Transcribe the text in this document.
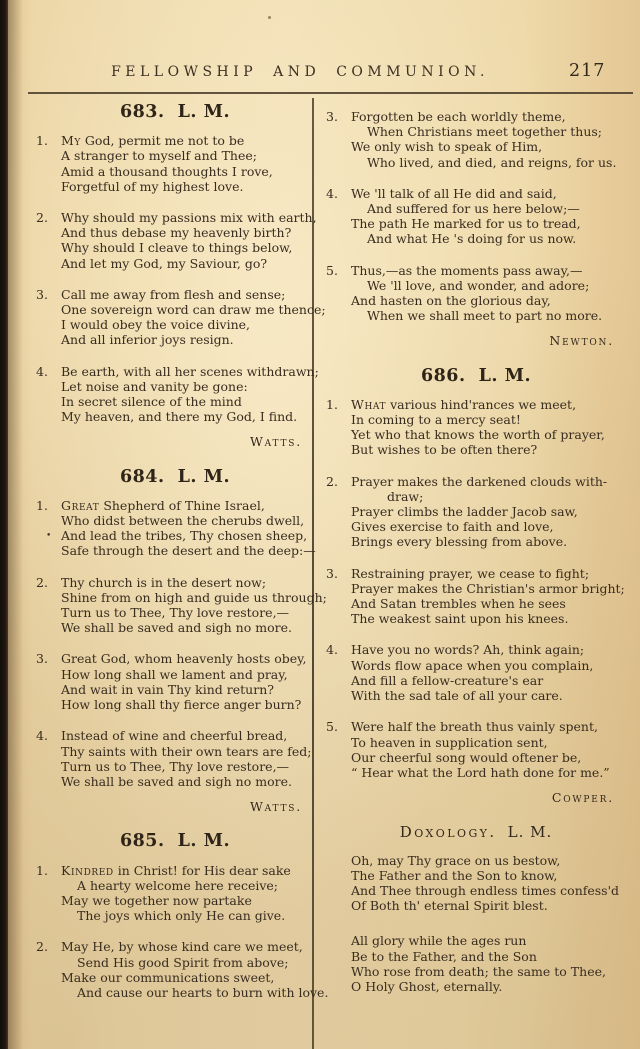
FELLOWSHIP AND COMMUNION.	217
683. L. M.
1. My God, permit me not to be
A stranger to myself and Thee;
Amid a thousand thoughts I rove,
Forgetful of my highest love.
2. Why should my passions mix with earth,
And thus debase my heavenly birth?
Why should I cleave to things below,
And let my God, my Saviour, go?
3. Call me away from flesh and sense;
One sovereign word can draw me thence;
I would obey the voice divine,
And all inferior joys resign.
4. Be earth, with all her scenes withdrawn;
Let noise and vanity be gone:
In secret silence of the mind
My heaven, and there my God, I find.
Watts.
684. L. M.
1. Great Shepherd of Thine Israel,
Who didst between the cherubs dwell,
• And lead the tribes, Thy chosen sheep,
Safe through the desert and the deep:—
2. Thy church is in the desert now;
Shine from on high and guide us through;
Turn us to Thee, Thy love restore,—
We shall be saved and sigh no more.
3. Great God, whom heavenly hosts obey,
How long shall we lament and pray,
And wait in vain Thy kind return?
How long shall thy fierce anger burn?
4. Instead of wine and cheerful bread,
Thy saints with their own tears are fed;
Turn us to Thee, Thy love restore,—
We shall be saved and sigh no more.
Watts.
685. L. M.
1. Kindred in Christ! for His dear sake
A hearty welcome here receive;
May we together now partake
The joys which only He can give.
2. May He, by whose kind care we meet,
Send His good Spirit from above;
Make our communications sweet,
And cause our hearts to burn with love.
3. Forgotten be each worldly theme,
When Christians meet together thus;
We only wish to speak of Him,
Who lived, and died, and reigns, for us.
4. We 'll talk of all He did and said,
And suffered for us here below;—
The path He marked for us to tread,
And what He 's doing for us now.
5. Thus,—as the moments pass away,—
We 'll love, and wonder, and adore;
And hasten on the glorious day,
When we shall meet to part no more.
Newton.
686. L. M.
1. What various hind'rances we meet,
In coming to a mercy seat!
Yet who that knows the worth of prayer,
But wishes to be often there?
2. Prayer makes the darkened clouds with-
draw;
Prayer climbs the ladder Jacob saw,
Gives exercise to faith and love,
Brings every blessing from above.
3. Restraining prayer, we cease to fight;
Prayer makes the Christian's armor bright;
And Satan trembles when he sees
The weakest saint upon his knees.
4. Have you no words? Ah, think again;
Words flow apace when you complain,
And fill a fellow-creature's ear
With the sad tale of all your care.
5. Were half the breath thus vainly spent,
To heaven in supplication sent,
Our cheerful song would oftener be,
“ Hear what the Lord hath done for me.”
Cowper.
Doxology. L. M.
Oh, may Thy grace on us bestow,
The Father and the Son to know,
And Thee through endless times confess'd
Of Both th' eternal Spirit blest.
All glory while the ages run
Be to the Father, and the Son
Who rose from death; the same to Thee,
O Holy Ghost, eternally.
